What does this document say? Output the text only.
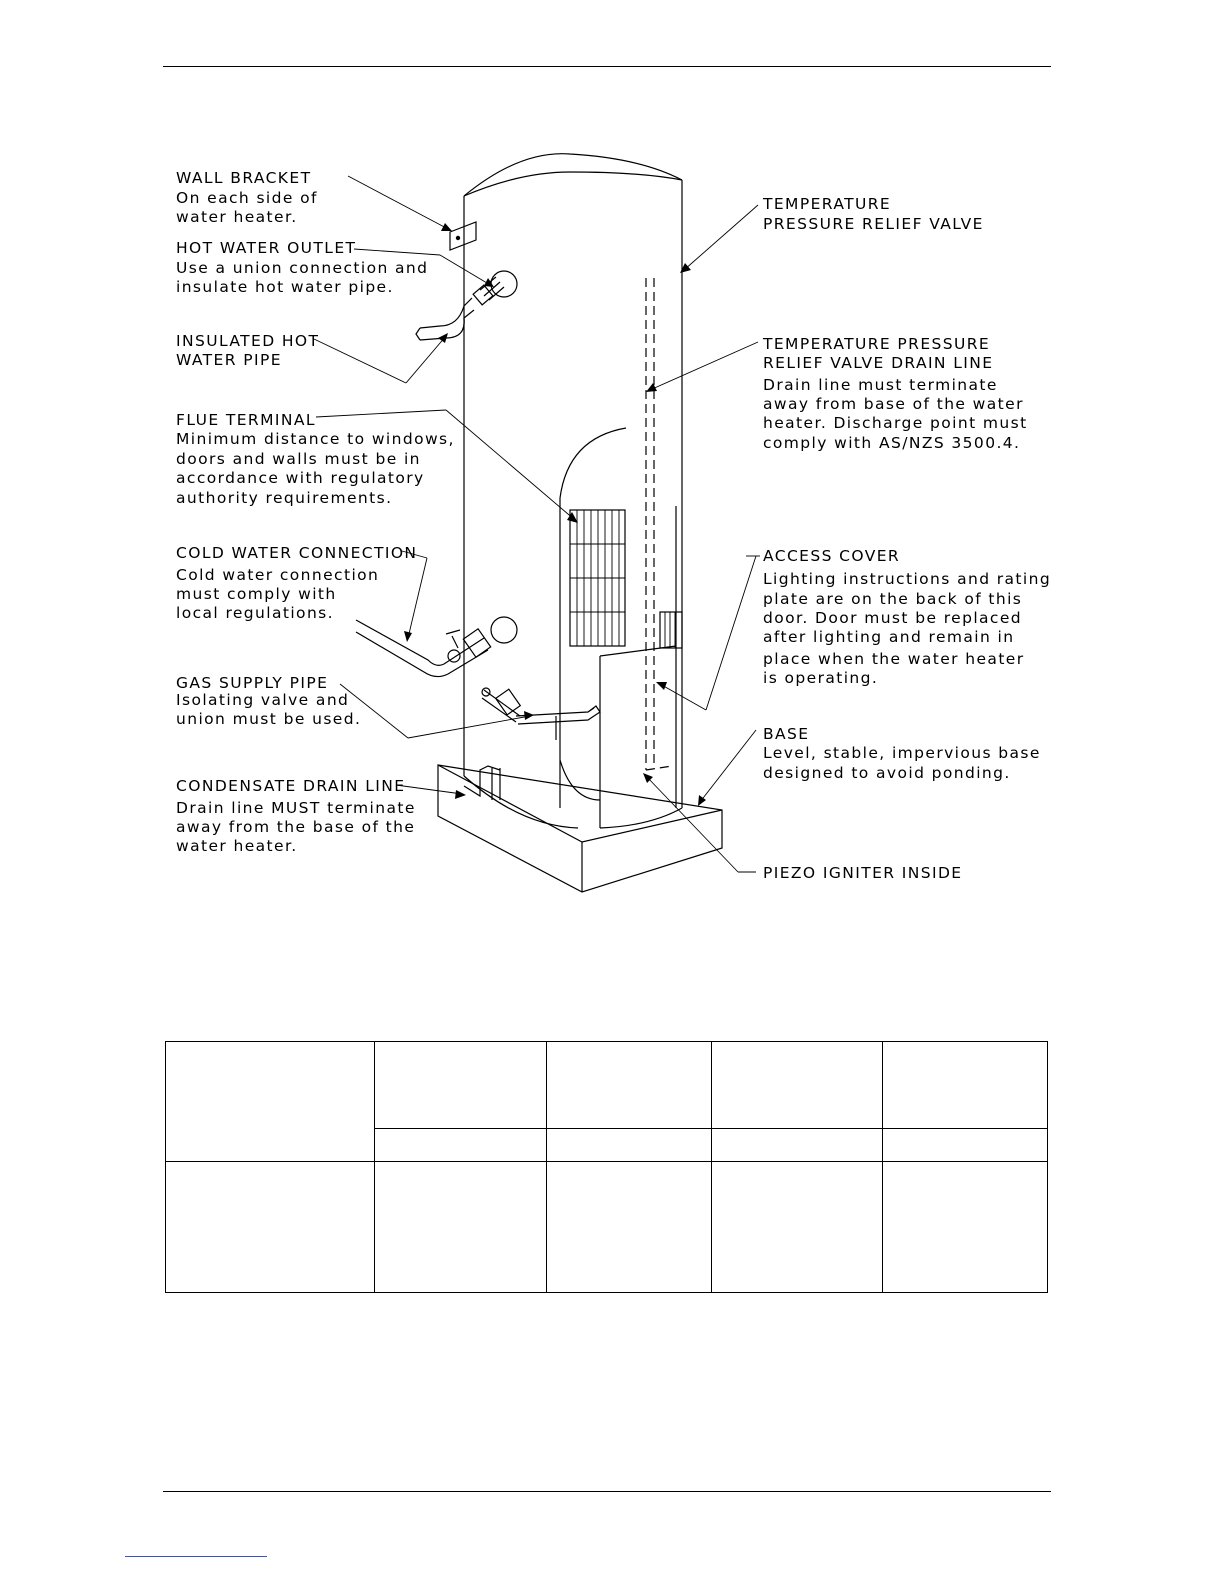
WALL BRACKET
On each side of
water heater.
HOT WATER OUTLET
Use a union connection and
insulate hot water pipe.
INSULATED HOT
WATER PIPE
FLUE TERMINAL
Minimum distance to windows,
doors and walls must be in
accordance with regulatory
authority requirements.
COLD WATER CONNECTION
Cold water connection
must comply with
local regulations.
GAS SUPPLY PIPE
Isolating valve and
union must be used.
CONDENSATE DRAIN LINE
Drain line MUST terminate
away from the base of the
water heater.
TEMPERATURE
PRESSURE RELIEF VALVE
TEMPERATURE PRESSURE
RELIEF VALVE DRAIN LINE
Drain line must terminate
away from base of the water
heater. Discharge point must
comply with AS/NZS 3500.4.
ACCESS COVER
Lighting instructions and rating
plate are on the back of this
door. Door must be replaced
after lighting and remain in
place when the water heater
is operating.
BASE
Level, stable, impervious base
designed to avoid ponding.
PIEZO IGNITER INSIDE
